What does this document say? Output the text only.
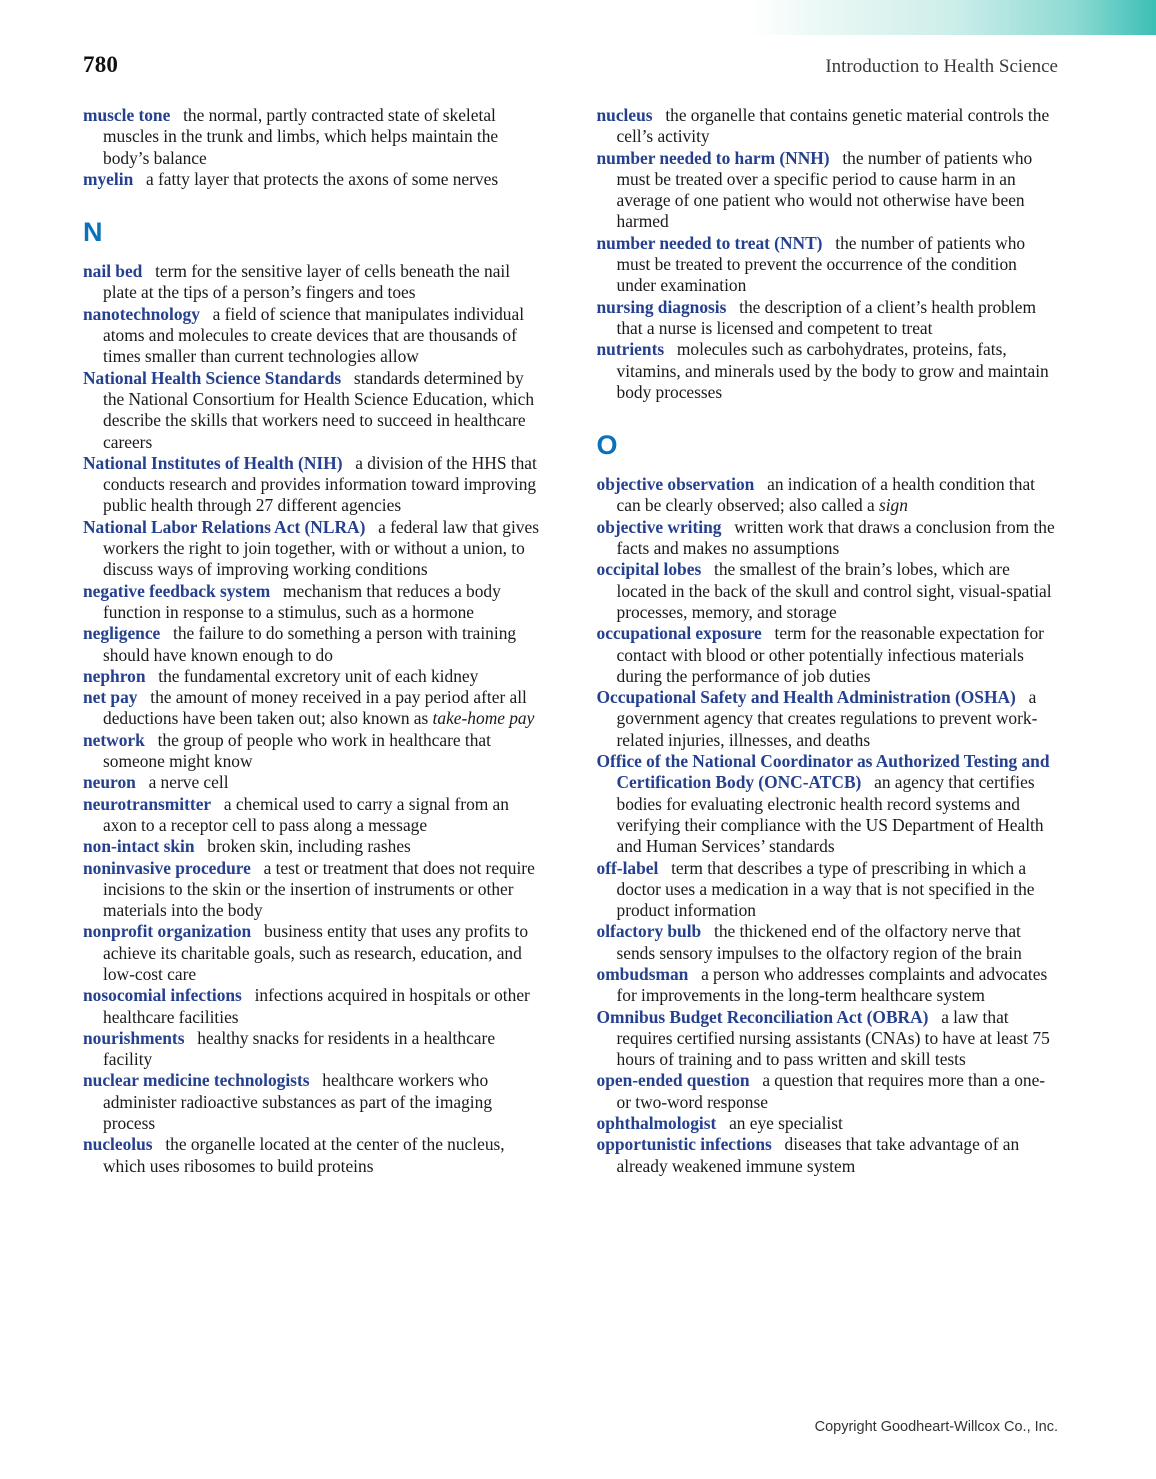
780	Introduction to Health Science

muscle tone the normal, partly contracted state of skeletal muscles in the trunk and limbs, which helps maintain the body’s balance

myelin a fatty layer that protects the axons of some nerves

N

nail bed term for the sensitive layer of cells beneath the nail plate at the tips of a person’s fingers and toes

nanotechnology a field of science that manipulates individual atoms and molecules to create devices that are thousands of times smaller than current technologies allow

National Health Science Standards standards determined by the National Consortium for Health Science Education, which describe the skills that workers need to succeed in healthcare careers

National Institutes of Health (NIH) a division of the HHS that conducts research and provides information toward improving public health through 27 different agencies

National Labor Relations Act (NLRA) a federal law that gives workers the right to join together, with or without a union, to discuss ways of improving working conditions

negative feedback system mechanism that reduces a body function in response to a stimulus, such as a hormone

negligence the failure to do something a person with training should have known enough to do

nephron the fundamental excretory unit of each kidney

net pay the amount of money received in a pay period after all deductions have been taken out; also known as take-home pay

network the group of people who work in healthcare that someone might know

neuron a nerve cell

neurotransmitter a chemical used to carry a signal from an axon to a receptor cell to pass along a message

non-intact skin broken skin, including rashes

noninvasive procedure a test or treatment that does not require incisions to the skin or the insertion of instruments or other materials into the body

nonprofit organization business entity that uses any profits to achieve its charitable goals, such as research, education, and low-cost care

nosocomial infections infections acquired in hospitals or other healthcare facilities

nourishments healthy snacks for residents in a healthcare facility

nuclear medicine technologists healthcare workers who administer radioactive substances as part of the imaging process

nucleolus the organelle located at the center of the nucleus, which uses ribosomes to build proteins

nucleus the organelle that contains genetic material controls the cell’s activity

number needed to harm (NNH) the number of patients who must be treated over a specific period to cause harm in an average of one patient who would not otherwise have been harmed

number needed to treat (NNT) the number of patients who must be treated to prevent the occurrence of the condition under examination

nursing diagnosis the description of a client’s health problem that a nurse is licensed and competent to treat

nutrients molecules such as carbohydrates, proteins, fats, vitamins, and minerals used by the body to grow and maintain body processes

O

objective observation an indication of a health condition that can be clearly observed; also called a sign

objective writing written work that draws a conclusion from the facts and makes no assumptions

occipital lobes the smallest of the brain’s lobes, which are located in the back of the skull and control sight, visual-spatial processes, memory, and storage

occupational exposure term for the reasonable expectation for contact with blood or other potentially infectious materials during the performance of job duties

Occupational Safety and Health Administration (OSHA) a government agency that creates regulations to prevent work-related injuries, illnesses, and deaths

Office of the National Coordinator as Authorized Testing and Certification Body (ONC-ATCB) an agency that certifies bodies for evaluating electronic health record systems and verifying their compliance with the US Department of Health and Human Services’ standards

off-label term that describes a type of prescribing in which a doctor uses a medication in a way that is not specified in the product information

olfactory bulb the thickened end of the olfactory nerve that sends sensory impulses to the olfactory region of the brain

ombudsman a person who addresses complaints and advocates for improvements in the long-term healthcare system

Omnibus Budget Reconciliation Act (OBRA) a law that requires certified nursing assistants (CNAs) to have at least 75 hours of training and to pass written and skill tests

open-ended question a question that requires more than a one- or two-word response

ophthalmologist an eye specialist

opportunistic infections diseases that take advantage of an already weakened immune system

Copyright Goodheart-Willcox Co., Inc.
